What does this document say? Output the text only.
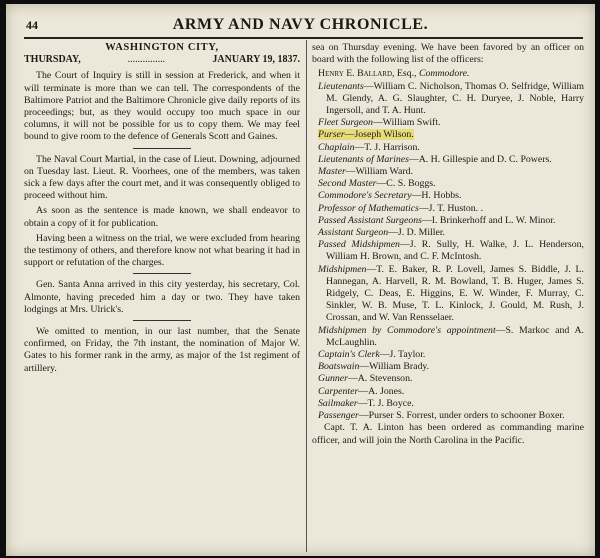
44	ARMY AND NAVY CHRONICLE.
WASHINGTON CITY,
THURSDAY,	...............	JANUARY 19, 1837.

The Court of Inquiry is still in session at Frederick, and when it will terminate is more than we can tell. The correspondents of the Baltimore Patriot and the Baltimore Chronicle give daily reports of its proceedings; but, as they would occupy too much space in our columns, it will not be possible for us to copy them. We may feel bound to give room to the defence of Generals Scott and Gaines.

The Naval Court Martial, in the case of Lieut. Downing, adjourned on Tuesday last. Lieut. R. Voorhees, one of the members, was taken sick a few days after the court met, and it was consequently obliged to proceed without him.

As soon as the sentence is made known, we shall endeavor to obtain a copy of it for publication.

Having been a witness on the trial, we were excluded from hearing the testimony of others, and therefore know not what bearing it had in support or refutation of the charges.

Gen. Santa Anna arrived in this city yesterday, his secretary, Col. Almonte, having preceded him a day or two. They have taken lodgings at Mrs. Ulrick's.

We omitted to mention, in our last number, that the Senate confirmed, on Friday, the 7th instant, the nomination of Major W. Gates to his former rank in the army, as major of the 1st regiment of artillery.

sea on Thursday evening. We have been favored by an officer on board with the following list of the officers:

Henry E. Ballard, Esq., Commodore.

Lieutenants—William C. Nicholson, Thomas O. Selfridge, William M. Glendy, A. G. Slaughter, C. H. Duryee, J. Noble, Harry Ingersoll, and T. A. Hunt.

Fleet Surgeon—William Swift.

Purser—Joseph Wilson.

Chaplain—T. J. Harrison.

Lieutenants of Marines—A. H. Gillespie and D. C. Powers.

Master—William Ward.

Second Master—C. S. Boggs.

Commodore's Secretary—H. Hobbs.

Professor of Mathematics—J. T. Huston. .

Passed Assistant Surgeons—I. Brinkerhoff and L. W. Minor.

Assistant Surgeon—J. D. Miller.

Passed Midshipmen—J. R. Sully, H. Walke, J. L. Henderson, William H. Brown, and C. F. McIntosh.

Midshipmen—T. E. Baker, R. P. Lovell, James S. Biddle, J. L. Hannegan, A. Harvell, R. M. Bowland, T. B. Huger, James S. Ridgely, C. Deas, E. Higgins, E. W. Winder, F. Murray, C. Sinkler, W. B. Muse, T. L. Kinlock, J. Gould, M. Rush, J. Crossan, and W. Van Rensselaer.

Midshipmen by Commodore's appointment—S. Markoc and A. McLaughlin.

Captain's Clerk—J. Taylor.

Boatswain—William Brady.

Gunner—A. Stevenson.

Carpenter—A. Jones.

Sailmaker—T. J. Boyce.

Passenger—Purser S. Forrest, under orders to schooner Boxer.

Capt. T. A. Linton has been ordered as commanding marine officer, and will join the North Carolina in the Pacific.
